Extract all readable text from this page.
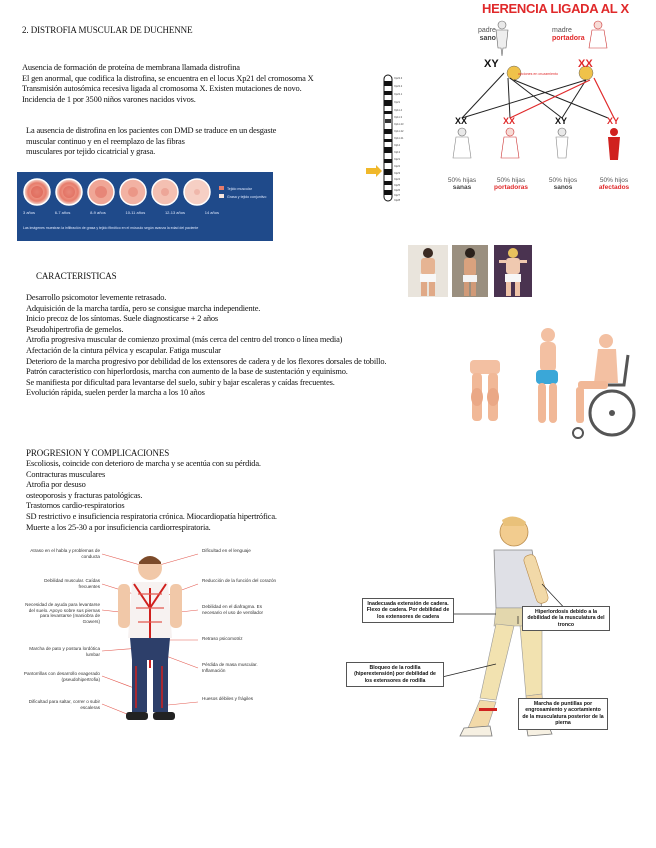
2. DISTROFIA MUSCULAR DE DUCHENNE
Ausencia de formación de proteína de membrana llamada distrofina
El gen anormal, que codifica la distrofina, se encuentra en el locus Xp21 del cromosoma X
Transmisión autosómica recesiva ligada al cromosoma X. Existen mutaciones de novo.
Incidencia de 1 por 3500 niños varones nacidos vivos.
La ausencia de distrofina en los pacientes con DMD se traduce en un desgaste
muscular continuo y en el reemplazo de las fibras
musculares por tejido cicatricial y grasa.
3 años	6-7 años	8-9 años	10-11 años	12-13 años	14 años
Tejido muscular
Grasa y tejido conjuntivo
Las imágenes muestran la infiltración de grasa y tejido fibrótico en el músculo según avanza la edad del paciente
Xp22.3
Xp22.2
Xp22.1
Xp21
Xp11.4
Xp11.3
Xp11.23
Xp11.22
Xp11.21
Xq12
Xq13
Xq21
Xq22
Xq23
Xq24
Xq25
Xq26
Xq27
Xq28
HERENCIA LIGADA AL X
padre
sano
madre
portadora
XY	XX
opciones en cruzamiento
XX	XX	XY	XY
50% hijas
sanas
50% hijas
portadoras
50% hijos
sanos
50% hijos
afectados
CARACTERISTICAS
Desarrollo psicomotor levemente retrasado.
Adquisición de la marcha tardía, pero se consigue marcha independiente.
Inicio precoz de los síntomas. Suele diagnosticarse + 2 años
Pseudohipertrofia de gemelos.
Atrofia progresiva muscular de comienzo proximal (más cerca del centro del tronco o línea media)
Afectación de la cintura pélvica y escapular. Fatiga muscular
Deterioro de la marcha progresivo por debilidad de los extensores de cadera y de los flexores dorsales de tobillo.
Patrón característico con hiperlordosis, marcha con aumento de la base de sustentación y equinismo.
Se manifiesta por dificultad para levantarse del suelo, subir y bajar escaleras y caídas frecuentes.
Evolución rápida, suelen perder la marcha a los 10 años
PROGRESION Y COMPLICACIONES
Escoliosis, coincide con deterioro de marcha y se acentúa con su pérdida.
Contracturas musculares
Atrofia por desuso
osteoporosis y fracturas patológicas.
Trastornos cardio-respiratorios
SD restrictivo e insuficiencia respiratoria crónica. Miocardiopatía hipertrófica.
Muerte a los 25-30 a por insuficiencia cardiorrespiratoria.
Atraso en el habla y problemas de conducta
Debilidad muscular. Caídas frecuentes
Necesidad de ayuda para levantarse del suelo. Apoyo sobre sus piernas para levantarse (maniobra de Gowers)
Marcha de pato y postura lordótica lumbar
Pantorrillas con desarrollo exagerado (pseudohipertrofia)
Dificultad para saltar, correr o subir escaleras
Dificultad en el lenguaje
Reducción de la función del corazón
Debilidad en el diafragma. Es necesario el uso de ventilador
Retraso psicomotriz
Pérdida de masa muscular. Inflamación
Huesos débiles y frágiles
Inadecuada extensión de cadera. Flexo de cadera. Por debilidad de los extensores de cadera
Hiperlordosis debido a la debilidad de la musculatura del tronco
Bloqueo de la rodilla (hiperextensión) por debilidad de los extensores de rodilla
Marcha de puntillas por engrosamiento y acortamiento de la musculatura posterior de la pierna
